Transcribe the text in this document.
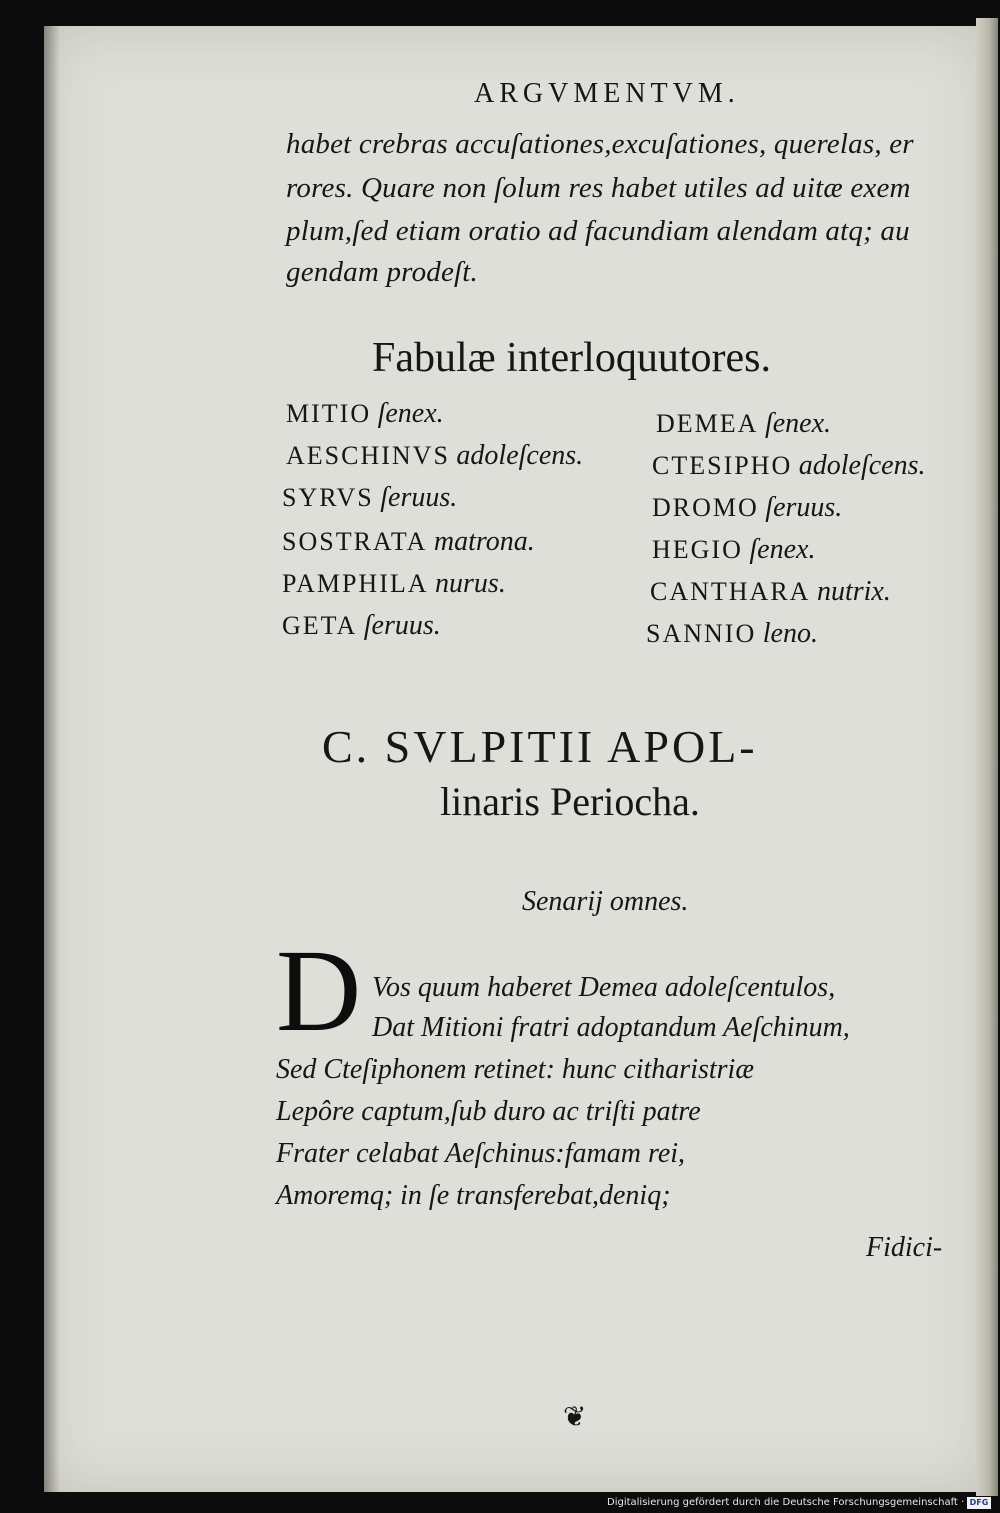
ARGVMENTVM.
habet crebras accuſationes,excuſationes, querelas, er
rores. Quare non ſolum res habet utiles ad uitæ exem
plum,ſed etiam oratio ad facundiam alendam atq; au
gendam prodeſt.
Fabulæ interloquutores.
MITIO ſenex.
AESCHINVS adoleſcens.
SYRVS ſeruus.
SOSTRATA matrona.
PAMPHILA nurus.
GETA ſeruus.
DEMEA ſenex.
CTESIPHO adoleſcens.
DROMO ſeruus.
HEGIO ſenex.
CANTHARA nutrix.
SANNIO leno.
C. SVLPITII APOL-
linaris Periocha.
Senarij omnes.
D Vos quum haberet Demea adoleſcentulos,
Dat Mitioni fratri adoptandum Aeſchinum,
Sed Cteſiphonem retinet: hunc citharistriæ
Lepôre captum,ſub duro ac triſti patre
Frater celabat Aeſchinus:famam rei,
Amoremq; in ſe transferebat,deniq;
Fidici-
❦
Digitalisierung gefördert durch die Deutsche Forschungsgemeinschaft · DFG
